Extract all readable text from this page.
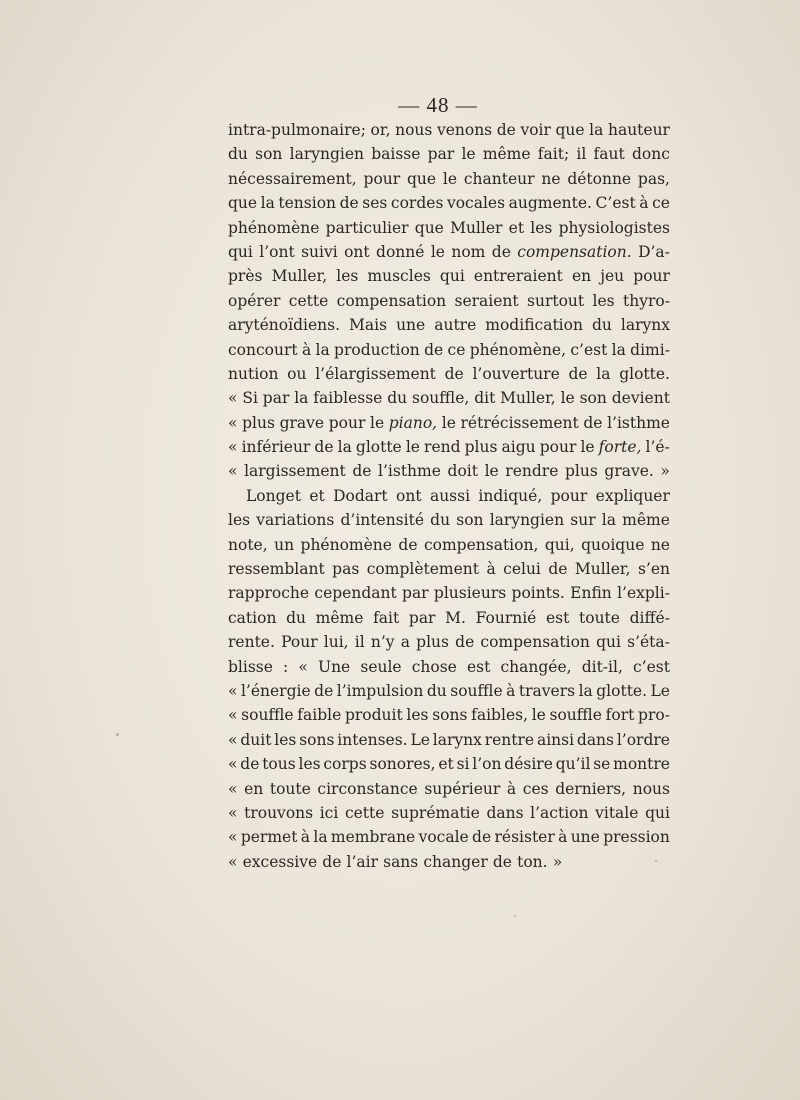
— 48 —
intra-pulmonaire; or, nous venons de voir que la hauteur
du son laryngien baisse par le même fait; il faut donc
nécessairement, pour que le chanteur ne détonne pas,
que la tension de ses cordes vocales augmente. C’est à ce
phénomène particulier que Muller et les physiologistes
qui l’ont suivi ont donné le nom de compensation. D’a-
près Muller, les muscles qui entreraient en jeu pour
opérer cette compensation seraient surtout les thyro-
aryténoïdiens. Mais une autre modification du larynx
concourt à la production de ce phénomène, c’est la dimi-
nution ou l’élargissement de l’ouverture de la glotte.
« Si par la faiblesse du souffle, dit Muller, le son devient
« plus grave pour le piano, le rétrécissement de l’isthme
« inférieur de la glotte le rend plus aigu pour le forte, l’é-
« largissement de l’isthme doit le rendre plus grave. »
Longet et Dodart ont aussi indiqué, pour expliquer
les variations d’intensité du son laryngien sur la même
note, un phénomène de compensation, qui, quoique ne
ressemblant pas complètement à celui de Muller, s’en
rapproche cependant par plusieurs points. Enfin l’expli-
cation du même fait par M. Fournié est toute diffé-
rente. Pour lui, il n’y a plus de compensation qui s’éta-
blisse : « Une seule chose est changée, dit-il, c’est
« l’énergie de l’impulsion du souffle à travers la glotte. Le
« souffle faible produit les sons faibles, le souffle fort pro-
« duit les sons intenses. Le larynx rentre ainsi dans l’ordre
« de tous les corps sonores, et si l’on désire qu’il se montre
« en toute circonstance supérieur à ces derniers, nous
« trouvons ici cette suprématie dans l’action vitale qui
« permet à la membrane vocale de résister à une pression
« excessive de l’air sans changer de ton. »
